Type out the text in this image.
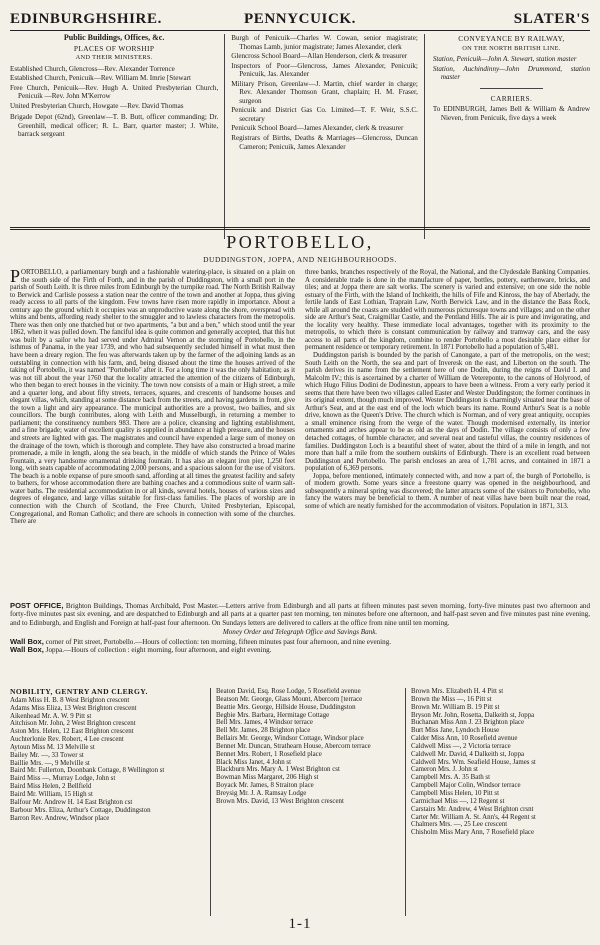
EDINBURGHSHIRE.	PENNYCUICK.	SLATER'S
Public Buildings, Offices, &c.
PLACES OF WORSHIP
AND THEIR MINISTERS.

Established Church, Glencross—Rev. Alexander Torrence

Established Church, Penicuik—Rev. William M. Imrie [Stewart

Free Church, Penicuik—Rev. Hugh A. United Presbyterian Church, Penicuik —Rev. John M'Kerrow

United Presbyterian Church, Howgate —Rev. David Thomas

Brigade Depot (62nd), Greenlaw—T. B. Butt, officer commanding; Dr. Greenhill, medical officer; R. L. Barr, quarter master; J. White, barrack sergeant

Burgh of Penicuik—Charles W. Cowan, senior magistrate; Thomas Lamb, junior magistrate; James Alexander, clerk

Glencross School Board—Allan Henderson, clerk & treasurer

Inspectors of Poor—Glencross, James Alexander, Penicuik; Penicuik, Jas. Alexander

Military Prison, Greenlaw—J. Martin, chief warder in charge; Rev. Alexander Thomson Grant, chaplain; H. M. Fraser, surgeon

Penicuik and District Gas Co. Limited—T. F. Weir, S.S.C. secretary

Penicuik School Board—James Alexander, clerk & treasurer

Registrars of Births, Deaths & Marriages—Glencross, Duncan Cameron; Penicuik, James Alexander

CONVEYANCE BY RAILWAY,
ON THE NORTH BRITISH LINE.

Station, Penicuik—John A. Stewart, station master

Station, Auchindinny—John Drummond, station master

CARRIERS.

To EDINBURGH, James Bell & William & Andrew Nieven, from Penicuik, five days a week

PORTOBELLO,
DUDDINGSTON, JOPPA, AND NEIGHBOURHOODS.

PORTOBELLO, a parliamentary burgh and a fashionable watering-place, is situated on a plain on the south side of the Firth of Forth, and in the parish of Duddingston, with a small port in the parish of South Leith. It is three miles from Edinburgh by the turnpike road. The North British Railway to Berwick and Carlisle possess a station near the centre of the town and another at Joppa, thus giving ready access to all parts of the kingdom. Few towns have risen more rapidly in importance. About a century ago the ground which it occupies was an unproductive waste along the shore, overspread with whins and bents, affording ready shelter to the smuggler and to lawless characters from the metropolis. There was then only one thatched hut or two apartments, "a but and a ben," which stood until the year 1862, when it was pulled down. The fanciful idea is quite common and generally accepted, that this hut was built by a sailor who had served under Admiral Vernon at the storming of Portobello, in the isthmus of Panama, in the year 1739, and who had subsequently secluded himself in what must then have been a dreary region. The feu was afterwards taken up by the farmer of the adjoining lands as an outstabling in connection with his farm, and, being disused about the time the houses arrived of the taking of Portobello, it was named "Portobello" after it. For a long time it was the only habitation; as it was not till about the year 1760 that the locality attracted the attention of the citizens of Edinburgh, who then began to erect houses in the vicinity. The town now consists of a main or High street, a mile and a quarter long, and about fifty streets, terraces, squares, and crescents of handsome houses and elegant villas, which, standing at some distance back from the streets, and having gardens in front, give the town a light and airy appearance. The municipal authorities are a provost, two bailies, and six councillors. The burgh contributes, along with Leith and Musselburgh, in returning a member to parliament; the constituency numbers 983. There are a police, cleansing and lighting establishment, and a fine brigade; water of excellent quality is supplied in abundance at high pressure, and the houses and streets are lighted with gas. The magistrates and council have expended a large sum of money on the drainage of the town, which is thorough and complete. They have also constructed a broad marine promenade, a mile in length, along the sea beach, in the middle of which stands the Prince of Wales Fountain, a very handsome ornamental drinking fountain. It has also an elegant iron pier, 1,250 feet long, with seats capable of accommodating 2,000 persons, and a spacious saloon for the use of visitors. The beach is a noble expanse of pure smooth sand, affording at all times the greatest facility and safety to bathers, for whose accommodation there are bathing coaches and a commodious suite of warm salt-water baths. The residential accommodation in or all kinds, several hotels, houses of various sizes and degrees of elegance, and large villas suitable for first-class families. The places of worship are in connection with the Church of Scotland, the Free Church, United Presbyterian, Episcopal, Congregational, and Roman Catholic; and there are schools in connection with some of the churches. There are

three banks, branches respectively of the Royal, the National, and the Clydesdale Banking Companies. A considerable trade is done in the manufacture of paper, bottles, pottery, earthenware, bricks, and tiles; and at Joppa there are salt works. The scenery is varied and extensive; on one side the noble estuary of the Firth, with the Island of Inchkeith, the hills of Fife and Kinross, the bay of Aberlady, the fertile lands of East Lothian, Traprain Law, North Berwick Law, and in the distance the Bass Rock, while all around the coasts are studded with numerous picturesque towns and villages; and on the other side are Arthur's Seat, Craigmillar Castle, and the Pentland Hills. The air is pure and invigorating, and the locality very healthy. These immediate local advantages, together with its proximity to the metropolis, to which there is constant communication by railway and tramway cars, and the easy access to all parts of the kingdom, combine to render Portobello a most desirable place either for permanent residence or temporary retirement. In 1871 Portobello had a population of 5,481.

Duddingston parish is bounded by the parish of Canongate, a part of the metropolis, on the west; South Leith on the North, the sea and part of Inveresk on the east, and Liberton on the south. The parish derives its name from the settlement here of one Dodin, during the reigns of David I. and Malcolm IV.; this is ascertained by a charter of William de Vetereponte, to the canons of Holyrood, of which Hugo Filius Dodini de Dodinestun, appears to have been a witness. From a very early period it seems that there have been two villages called Easter and Wester Duddingston; the former continues in its original extent, though much improved. Wester Duddingston is charmingly situated near the base of Arthur's Seat, and at the east end of the loch which bears its name. Round Arthur's Seat is a noble drive, known as the Queen's Drive. The church which is Norman, and of very great antiquity, occupies a small eminence rising from the verge of the water. Though modernised externally, its interior ornaments and arches appear to be as old as the days of Dodin. The village consists of only a few detached cottages, of humble character, and several neat and tasteful villas, the country residences of families. Duddingston Loch is a beautiful sheet of water, about the third of a mile in length, and not more than half a mile from the southern outskirts of Edinburgh. There is an excellent road between Duddingston and Portobello. The parish encloses an area of 1,781 acres, and contained in 1871 a population of 6,369 persons.

Joppa, before mentioned, intimately connected with, and now a part of, the burgh of Portobello, is of modern growth. Some years since a freestone quarry was opened in the neighbourhood, and subsequently a mineral spring was discovered; the latter attracts some of the visitors to Portobello, who fancy the waters may be beneficial to them. A number of neat villas have been built near the road, some of which are neatly furnished for the accommodation of visitors. Population in 1871, 313.

POST OFFICE, Brighton Buildings, Thomas Archibald, Post Master.—Letters arrive from Edinburgh and all parts at fifteen minutes past seven morning, forty-five minutes past two afternoon and forty-five minutes past six evening, and are despatched to Edinburgh and all parts at a quarter past ten morning, ten minutes before one afternoon, and half-past seven and five minutes past nine evening, and to Edinburgh, and English and Foreign at half-past four afternoon. On Sundays letters are delivered to callers at the office from nine until ten morning.

Money Order and Telegraph Office and Savings Bank.

Wall Box, corner of Pitt street, Portobello.—Hours of collection: ten morning, fifteen minutes past four afternoon, and nine evening.

Wall Box, Joppa.—Hours of collection : eight morning, four afternoon, and eight evening.

NOBILITY, GENTRY AND CLERGY.
Adam Miss H. B. 8 West Brighton crescent
Adams Miss Eliza, 13 West Brighton crescent
Aikenhead Mr. A. W. 9 Pitt st
Aitchison Mr. John, 2 West Brighton crescent
Aston Mrs. Helen, 12 East Brighton crescent
Auchterlonie Rev. Robert, 4 Lee crescent
Aytoun Miss M. 13 Melville st
Bailey Mr. —, 33 Tower st
Baillie Mrs. —, 9 Melville st
Baird Mr. Fullerton, Doonbank Cottage, 8 Wellington st
Baird Miss —, Murray Lodge, John st
Baird Miss Helen, 2 Bellfield
Baird Mr. William, 15 High st
Balfour Mr. Andrew H. 14 East Brighton cst
Barbour Mrs. Eliza, Arthur's Cottage, Duddingston
Barron Rev. Andrew, Windsor place
Beaton David, Esq. Rose Lodge, 5 Rosefield avenue
Beatson Mr. George, Glass Mount, Abercorn [terrace
Beattie Mrs. George, Hillside House, Duddingston
Begbie Mrs. Barbara, Hermitage Cottage
Bell Mrs. James, 4 Windsor terrace
Bell Mr. James, 28 Brighton place
Bellairs Mr. George, Windsor Cottage, Windsor place
Bennet Mr. Duncan, Strathearn House, Abercorn terrace
Bennet Mrs. Robert, 1 Rosefield place
Black Miss Janet, 4 John st
Blackburn Mrs. Mary A. 1 West Brighton cst
Bowman Miss Margaret, 206 High st
Boyack Mr. James, 8 Straiton place
Breysig Mr. J. A. Ramsay Lodge
Brown Mrs. David, 13 West Brighton crescent
Brown Mrs. Elizabeth H. 4 Pitt st
Brown the Miss —, 16 Pitt st
Brown Mr. William B. 19 Pitt st
Bryson Mr. John, Rosetta, Dalkeith st, Joppa
Buchanan Miss Ann J. 23 Brighton place
Burt Miss Jane, Lyndoch House
Calder Miss Ann, 10 Rosefield avenue
Caldwell Miss —, 2 Victoria terrace
Caldwell Mr. David, 4 Dalkeith st, Joppa
Caldwell Mrs. Wm. Seafield House, James st
Cameron Mrs. J. John st
Campbell Mrs. A. 35 Bath st
Campbell Major Colin, Windsor terrace
Campbell Miss Helen, 10 Pitt st
Carmichael Miss —, 12 Regent st
Carstairs Mr. Andrew, 4 West Brighton crsnt
Carter Mr. William A. St. Ann's, 44 Regent st
Chalmers Mrs. —, 25 Lee crescent
Chisholm Miss Mary Ann, 7 Rosefield place
1-1
